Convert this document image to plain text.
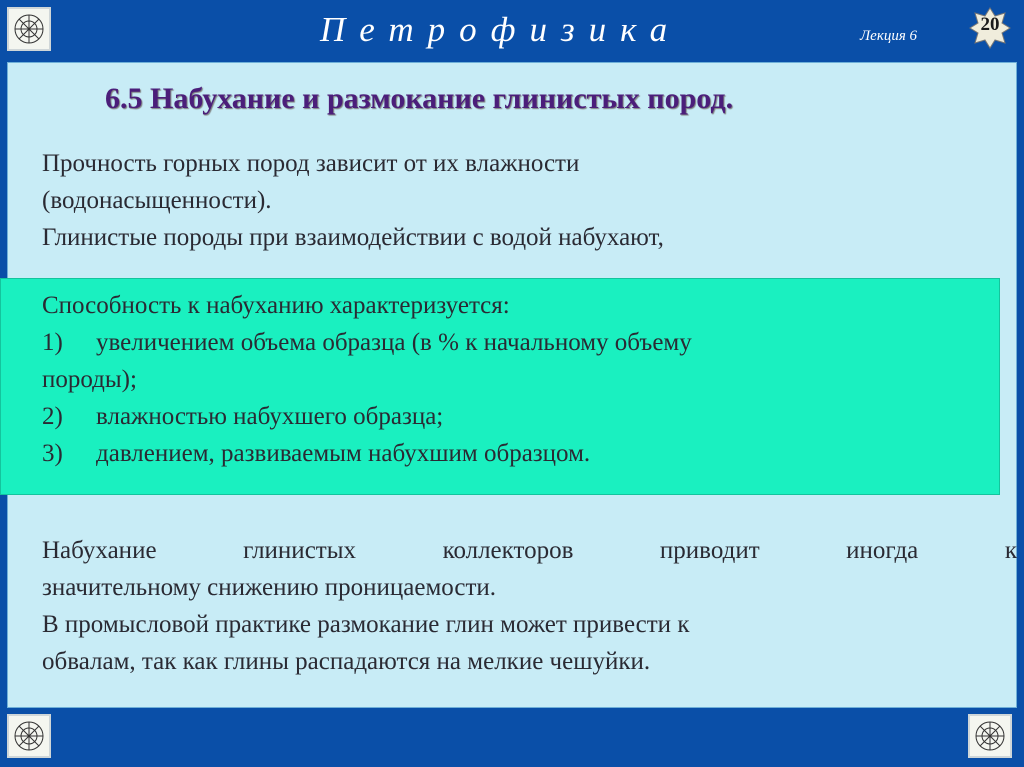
Петрофизика	Лекция 6
20
6.5 Набухание и размокание глинистых пород.
Прочность горных пород зависит от их влажности
(водонасыщенности).
Глинистые породы при взаимодействии с водой набухают,
Способность к набуханию характеризуется:
1) увеличением объема образца (в % к начальному объему
породы);
2) влажностью набухшего образца;
3) давлением, развиваемым набухшим образцом.
Набухание	глинистых	коллекторов	приводит	иногда	к
значительному снижению проницаемости.
В промысловой практике размокание глин может привести к
обвалам, так как глины распадаются на мелкие чешуйки.
